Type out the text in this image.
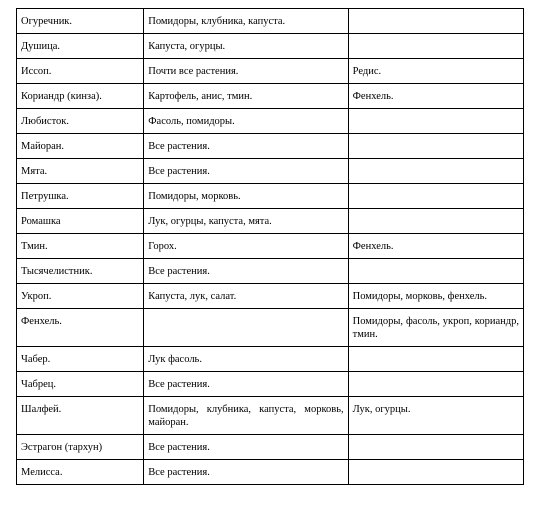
Огуречник.	Помидоры, клубника, капуста.	
Душица.	Капуста, огурцы.	
Иссоп.	Почти все растения.	Редис.
Кориандр (кинза).	Картофель, анис, тмин.	Фенхель.
Любисток.	Фасоль, помидоры.	
Майоран.	Все растения.	
Мята.	Все растения.	
Петрушка.	Помидоры, морковь.	
Ромашка	Лук, огурцы, капуста, мята.	
Тмин.	Горох.	Фенхель.
Тысячелистник.	Все растения.	
Укроп.	Капуста, лук, салат.	Помидоры, морковь, фенхель.
Фенхель.		Помидоры, фасоль, укроп, кориандр, тмин.
Чабер.	Лук фасоль.	
Чабрец.	Все растения.	
Шалфей.	Помидоры, клубника, капуста, морковь, майоран.	Лук, огурцы.
Эстрагон (тархун)	Все растения.	
Мелисса.	Все растения.	
